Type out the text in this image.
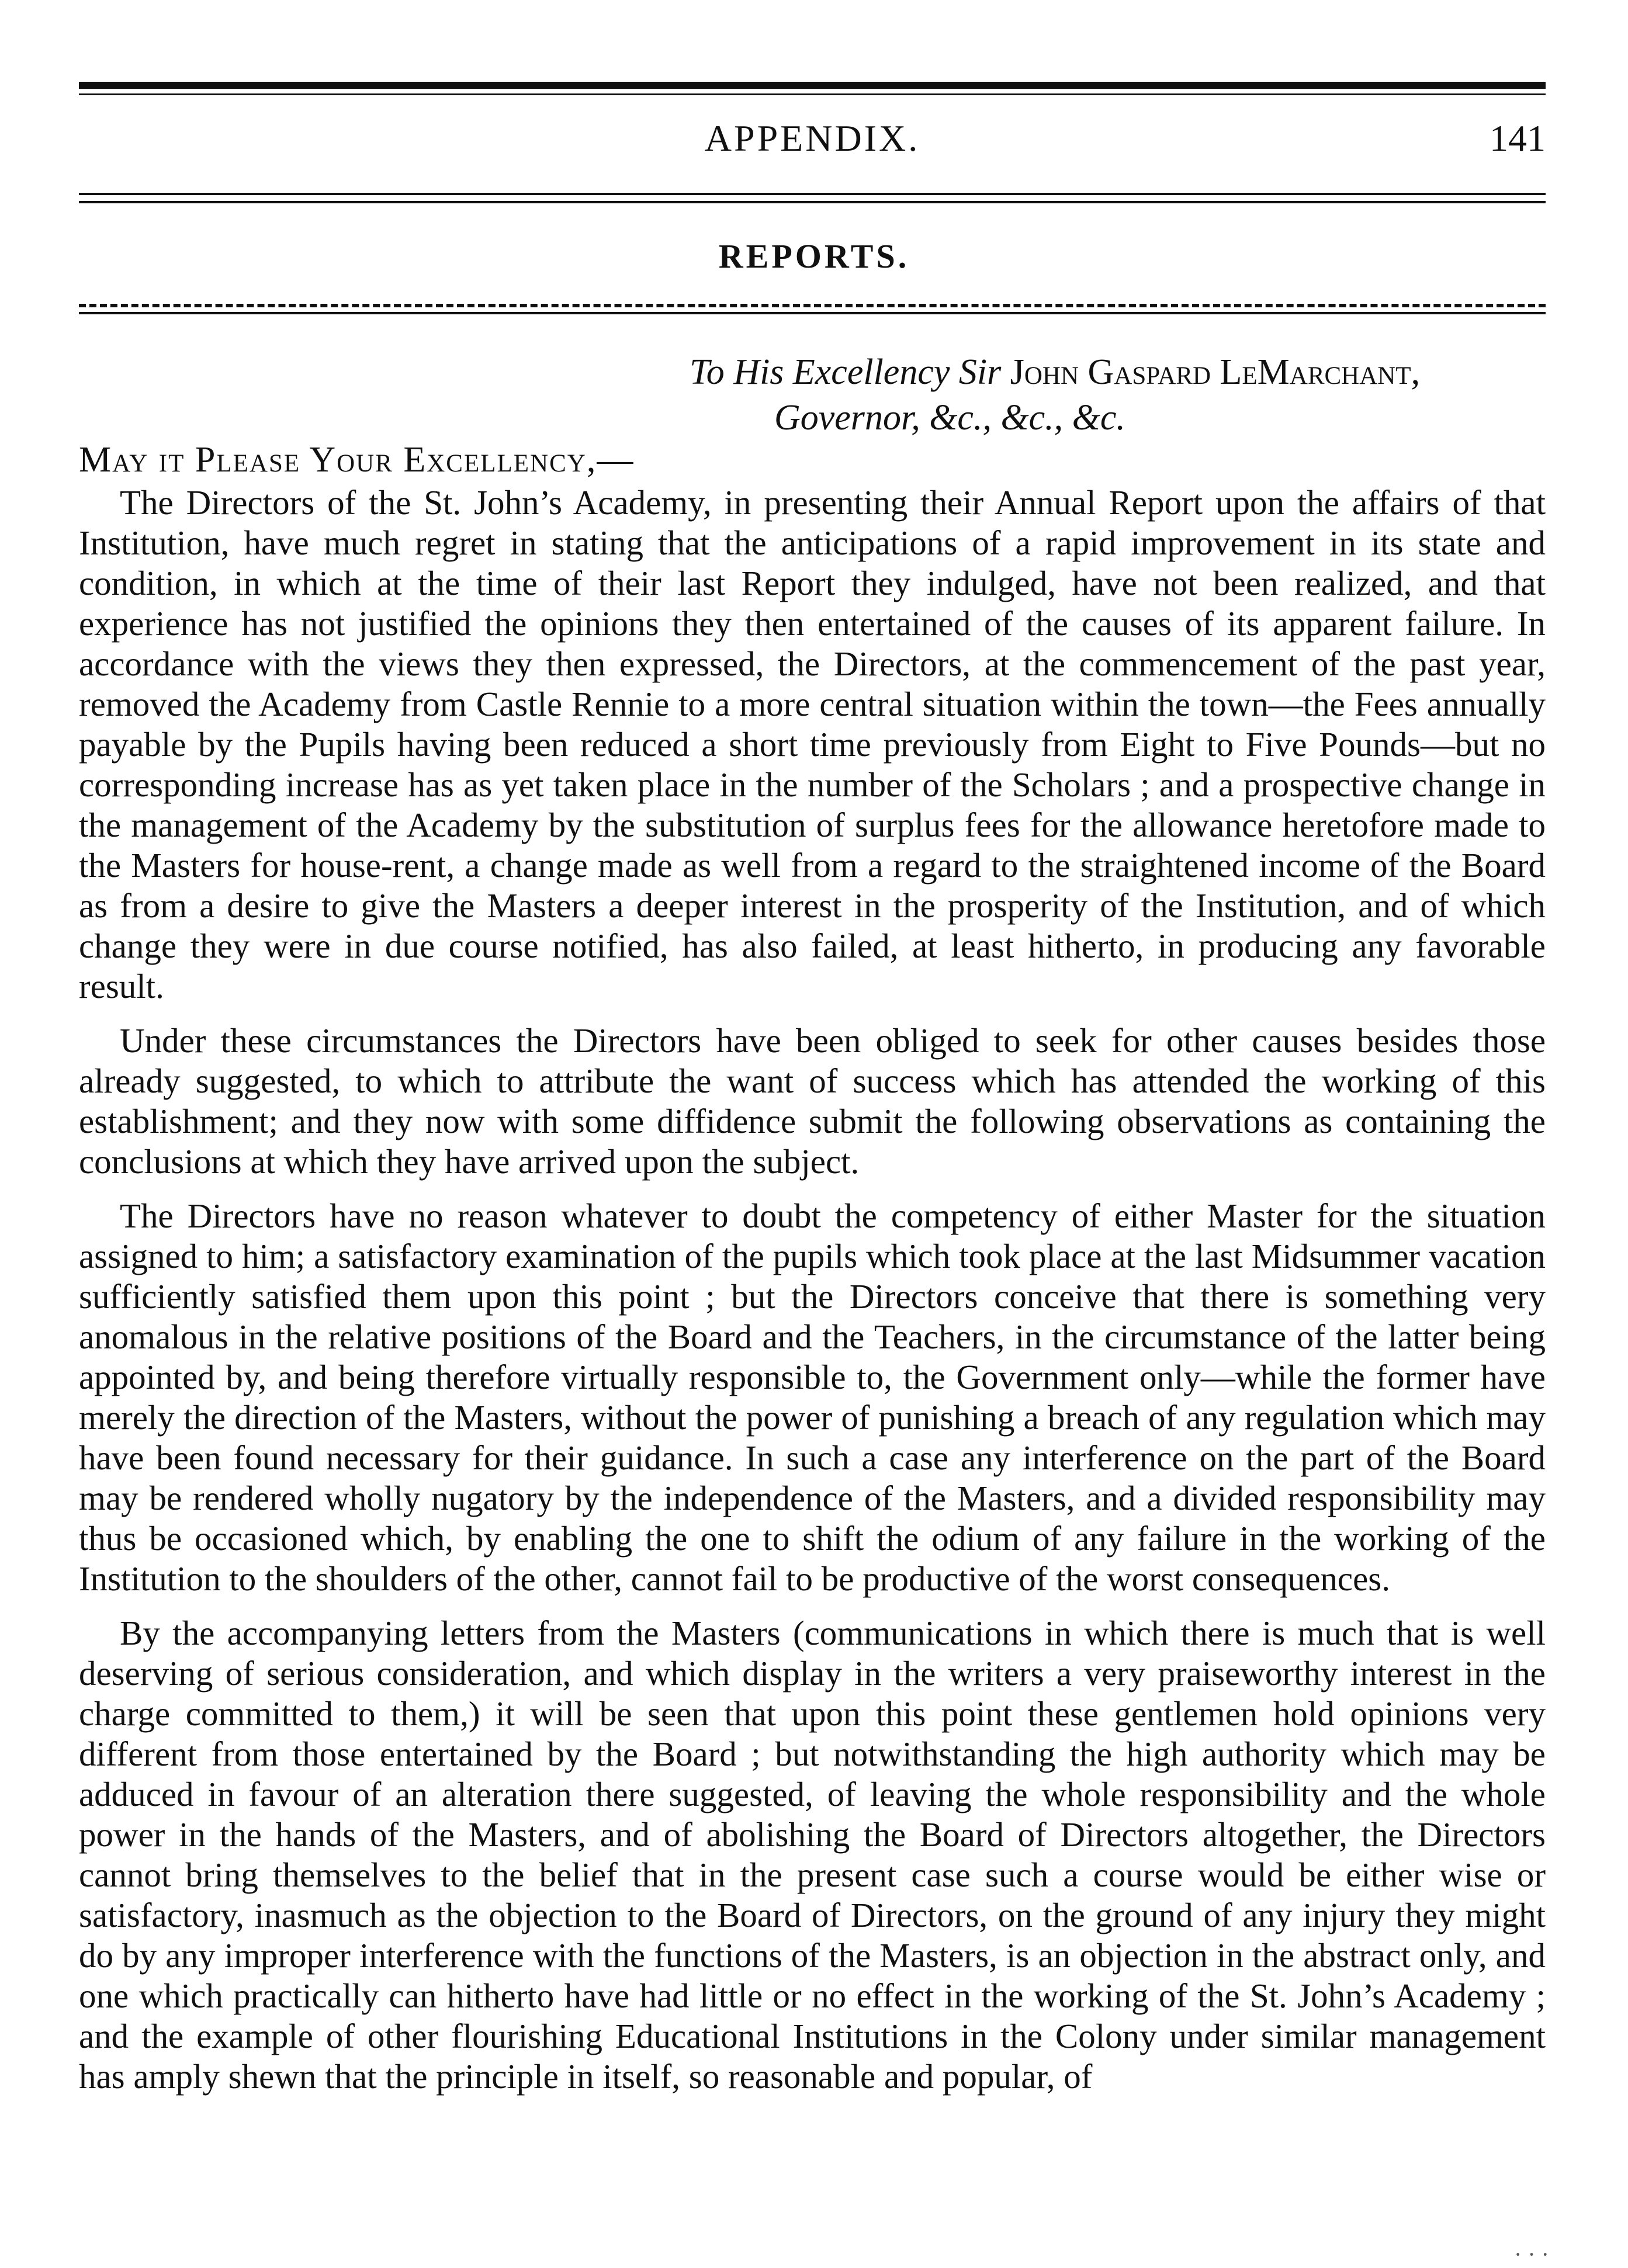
APPENDIX.	141
REPORTS.
To His Excellency Sir John Gaspard LeMarchant,
Governor, &c., &c., &c.
May it Please Your Excellency,—

The Directors of the St. John’s Academy, in presenting their Annual Report upon the affairs of that Institution, have much regret in stating that the anticipations of a rapid improvement in its state and condition, in which at the time of their last Report they indulged, have not been realized, and that experience has not justified the opinions they then entertained of the causes of its apparent failure. In accordance with the views they then expressed, the Directors, at the commencement of the past year, removed the Academy from Castle Rennie to a more central situation within the town—the Fees annually payable by the Pupils having been reduced a short time previously from Eight to Five Pounds—but no corresponding increase has as yet taken place in the number of the Scholars ; and a prospective change in the management of the Academy by the substitution of surplus fees for the allowance heretofore made to the Masters for house-rent, a change made as well from a regard to the straightened income of the Board as from a desire to give the Masters a deeper interest in the prosperity of the Institution, and of which change they were in due course notified, has also failed, at least hitherto, in producing any favorable result.

Under these circumstances the Directors have been obliged to seek for other causes besides those already suggested, to which to attribute the want of success which has attended the working of this establishment; and they now with some diffidence submit the following observations as containing the conclusions at which they have arrived upon the subject.

The Directors have no reason whatever to doubt the competency of either Master for the situation assigned to him; a satisfactory examination of the pupils which took place at the last Midsummer vacation sufficiently satisfied them upon this point ; but the Directors conceive that there is something very anomalous in the relative positions of the Board and the Teachers, in the circumstance of the latter being appointed by, and being therefore virtually responsible to, the Government only—while the former have merely the direction of the Masters, without the power of punishing a breach of any regulation which may have been found necessary for their guidance. In such a case any interference on the part of the Board may be rendered wholly nugatory by the independence of the Masters, and a divided responsibility may thus be occasioned which, by enabling the one to shift the odium of any failure in the working of the Institution to the shoulders of the other, cannot fail to be productive of the worst consequences.

By the accompanying letters from the Masters (communications in which there is much that is well deserving of serious consideration, and which display in the writers a very praiseworthy interest in the charge committed to them,) it will be seen that upon this point these gentlemen hold opinions very different from those entertained by the Board ; but notwithstanding the high authority which may be adduced in favour of an alteration there suggested, of leaving the whole responsibility and the whole power in the hands of the Masters, and of abolishing the Board of Directors altogether, the Directors cannot bring themselves to the belief that in the present case such a course would be either wise or satisfactory, inasmuch as the objection to the Board of Directors, on the ground of any injury they might do by any improper interference with the functions of the Masters, is an objection in the abstract only, and one which practically can hitherto have had little or no effect in the working of the St. John’s Academy ; and the example of other flourishing Educational Institutions in the Colony under similar management has amply shewn that the principle in itself, so reasonable and popular, of

· · ·
